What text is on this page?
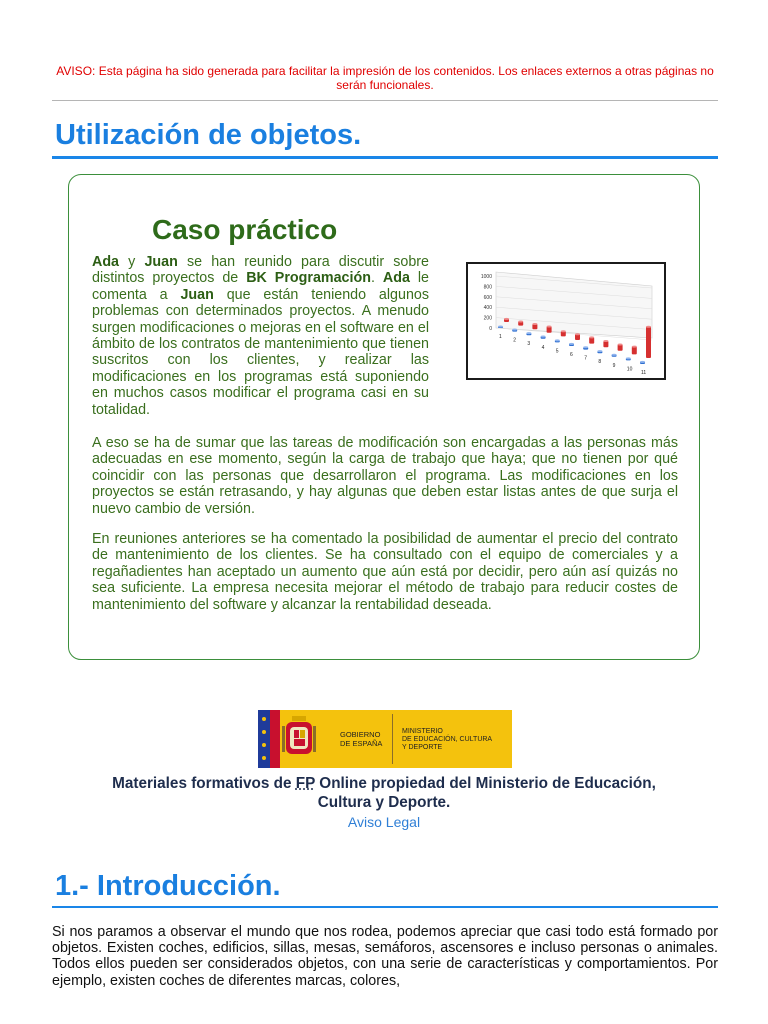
AVISO: Esta página ha sido generada para facilitar la impresión de los contenidos. Los enlaces externos a otras páginas no serán funcionales.
Utilización de objetos.
Caso práctico
1000
800
600
400
200
0
1
2
3
4
5
6
7
8
9
10
11

Ada y Juan se han reunido para discutir sobre distintos proyectos de BK Programación. Ada le comenta a Juan que están teniendo algunos problemas con determinados proyectos. A menudo surgen modificaciones o mejoras en el software en el ámbito de los contratos de mantenimiento que tienen suscritos con los clientes, y realizar las modificaciones en los programas está suponiendo en muchos casos modificar el programa casi en su totalidad.

A eso se ha de sumar que las tareas de modificación son encargadas a las personas más adecuadas en ese momento, según la carga de trabajo que haya; que no tienen por qué coincidir con las personas que desarrollaron el programa. Las modificaciones en los proyectos se están retrasando, y hay algunas que deben estar listas antes de que surja el nuevo cambio de versión.

En reuniones anteriores se ha comentado la posibilidad de aumentar el precio del contrato de mantenimiento de los clientes. Se ha consultado con el equipo de comerciales y a regañadientes han aceptado un aumento que aún está por decidir, pero aún así quizás no sea suficiente. La empresa necesita mejorar el método de trabajo para reducir costes de mantenimiento del software y alcanzar la rentabilidad deseada.

GOBIERNO
DE ESPAÑA
MINISTERIO
DE EDUCACIÓN, CULTURA
Y DEPORTE
Materiales formativos de FP Online propiedad del Ministerio de Educación, Cultura y Deporte.
Aviso Legal
1.- Introducción.

Si nos paramos a observar el mundo que nos rodea, podemos apreciar que casi todo está formado por objetos. Existen coches, edificios, sillas, mesas, semáforos, ascensores e incluso personas o animales. Todos ellos pueden ser considerados objetos, con una serie de características y comportamientos. Por ejemplo, existen coches de diferentes marcas, colores,
